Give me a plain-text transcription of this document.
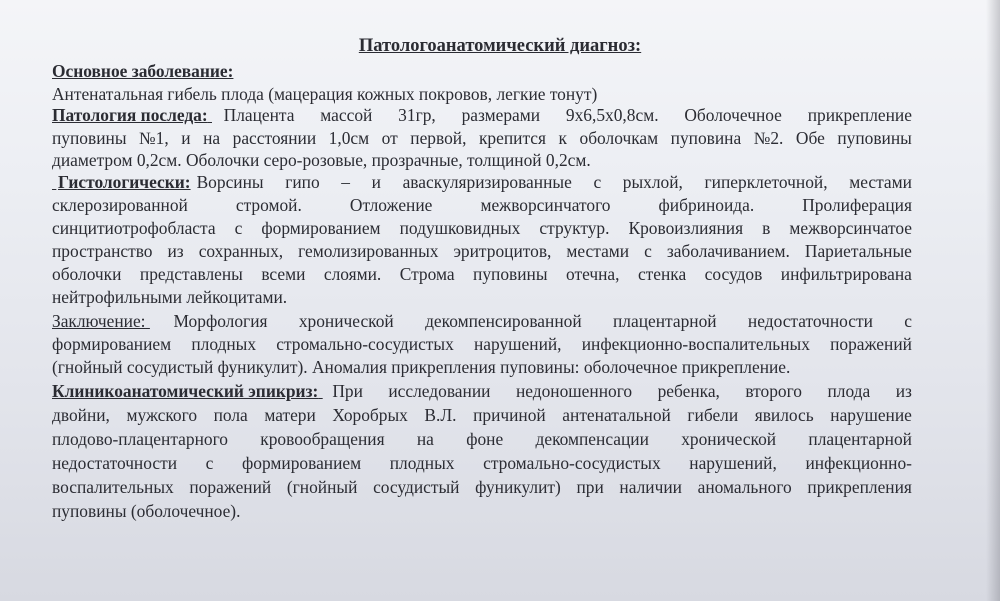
Патологоанатомический диагноз:

Основное заболевание:

Антенатальная гибель плода (мацерация кожных покровов, легкие тонут)

Патология последа: Плацента массой 31гр, размерами 9х6,5х0,8см. Оболочечное прикрепление

пуповины №1, и на расстоянии 1,0см от первой, крепится к оболочкам пуповина №2. Обе пуповины

диаметром 0,2см. Оболочки серо-розовые, прозрачные, толщиной 0,2см.

Гистологически: Ворсины гипо – и аваскуляризированные с рыхлой, гиперклеточной, местами

склерозированной	стромой.	Отложение	межворсинчатого	фибриноида.	Пролиферация

синцитиотрофобласта с формированием подушковидных структур. Кровоизлияния в межворсинчатое

пространство из сохранных, гемолизированных эритроцитов, местами с заболачиванием. Париетальные

оболочки представлены всеми слоями. Строма пуповины отечна, стенка сосудов инфильтрирована

нейтрофильными лейкоцитами.

Заключение:	Морфология хронической декомпенсированной плацентарной недостаточности с

формированием плодных стромально-сосудистых нарушений, инфекционно-воспалительных поражений

(гнойный сосудистый фуникулит). Аномалия прикрепления пуповины: оболочечное прикрепление.

Клиникоанатомический эпикриз: При исследовании недоношенного ребенка, второго плода из

двойни, мужского пола матери Хоробрых В.Л. причиной антенатальной гибели явилось нарушение

плодово-плацентарного кровообращения на фоне декомпенсации хронической плацентарной

недостаточности с формированием плодных стромально-сосудистых нарушений, инфекционно-

воспалительных поражений (гнойный сосудистый фуникулит) при наличии аномального прикрепления

пуповины (оболочечное).
